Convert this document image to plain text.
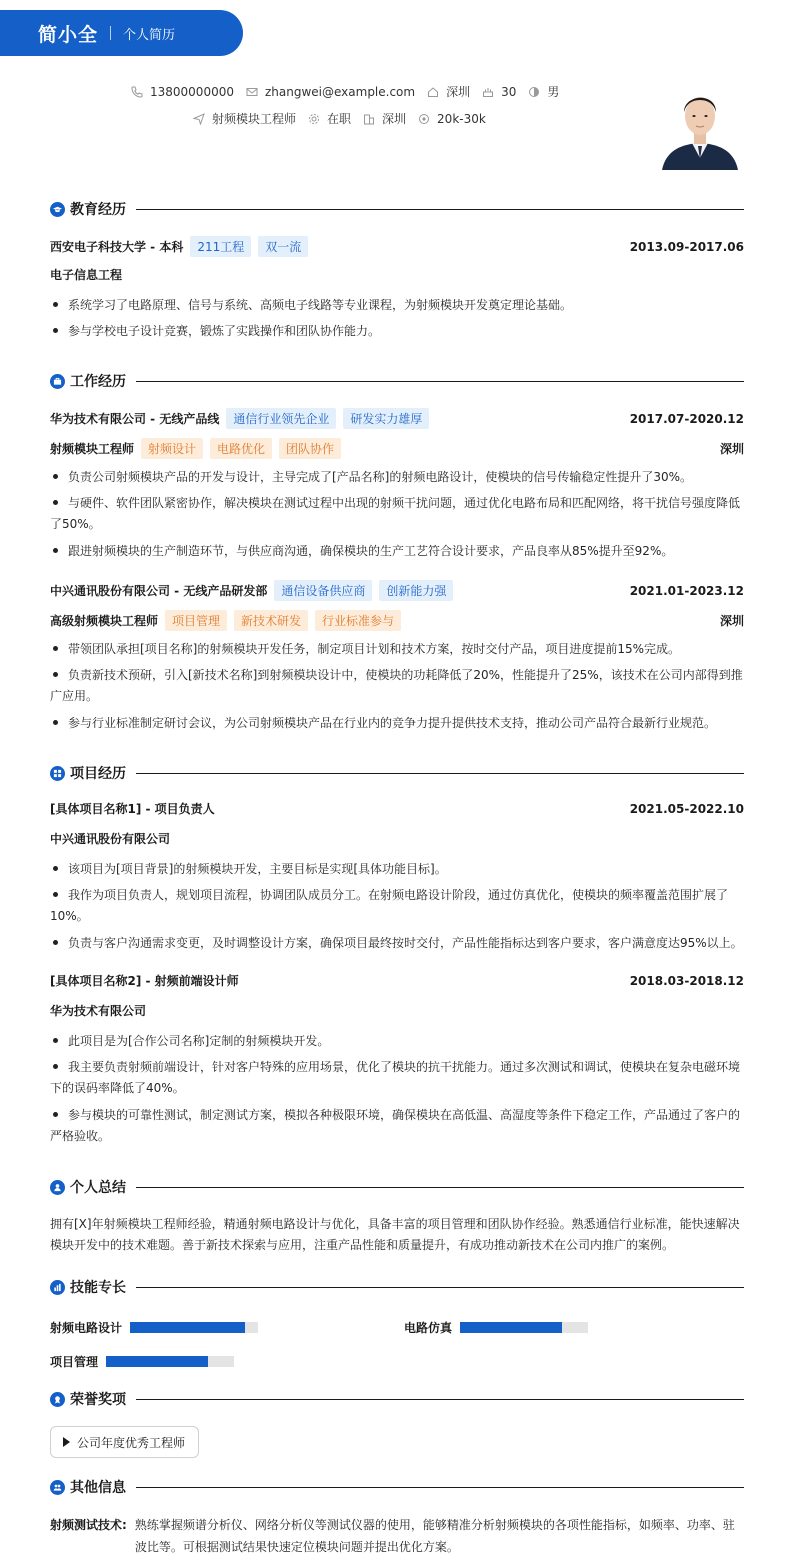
简小全 个人简历
13800000000	zhangwei@example.com	深圳	30	男
射频模块工程师	在职	深圳	20k-30k
教育经历
西安电子科技大学 - 本科	211工程	双一流	2013.09-2017.06
电子信息工程
系统学习了电路原理、信号与系统、高频电子线路等专业课程，为射频模块开发奠定理论基础。
参与学校电子设计竞赛，锻炼了实践操作和团队协作能力。
工作经历
华为技术有限公司 - 无线产品线	通信行业领先企业	研发实力雄厚	2017.07-2020.12
射频模块工程师	射频设计	电路优化	团队协作	深圳
负责公司射频模块产品的开发与设计，主导完成了[产品名称]的射频电路设计，使模块的信号传输稳定性提升了30%。
与硬件、软件团队紧密协作，解决模块在测试过程中出现的射频干扰问题，通过优化电路布局和匹配网络，将干扰信号强度降低了50%。
跟进射频模块的生产制造环节，与供应商沟通，确保模块的生产工艺符合设计要求，产品良率从85%提升至92%。
中兴通讯股份有限公司 - 无线产品研发部	通信设备供应商	创新能力强	2021.01-2023.12
高级射频模块工程师	项目管理	新技术研发	行业标准参与	深圳
带领团队承担[项目名称]的射频模块开发任务，制定项目计划和技术方案，按时交付产品，项目进度提前15%完成。
负责新技术预研，引入[新技术名称]到射频模块设计中，使模块的功耗降低了20%，性能提升了25%，该技术在公司内部得到推广应用。
参与行业标准制定研讨会议，为公司射频模块产品在行业内的竞争力提升提供技术支持，推动公司产品符合最新行业规范。
项目经历
[具体项目名称1] - 项目负责人	2021.05-2022.10
中兴通讯股份有限公司
该项目为[项目背景]的射频模块开发，主要目标是实现[具体功能目标]。
我作为项目负责人，规划项目流程，协调团队成员分工。在射频电路设计阶段，通过仿真优化，使模块的频率覆盖范围扩展了10%。
负责与客户沟通需求变更，及时调整设计方案，确保项目最终按时交付，产品性能指标达到客户要求，客户满意度达95%以上。
[具体项目名称2] - 射频前端设计师	2018.03-2018.12
华为技术有限公司
此项目是为[合作公司名称]定制的射频模块开发。
我主要负责射频前端设计，针对客户特殊的应用场景，优化了模块的抗干扰能力。通过多次测试和调试，使模块在复杂电磁环境下的误码率降低了40%。
参与模块的可靠性测试，制定测试方案，模拟各种极限环境，确保模块在高低温、高湿度等条件下稳定工作，产品通过了客户的严格验收。
个人总结
拥有[X]年射频模块工程师经验，精通射频电路设计与优化，具备丰富的项目管理和团队协作经验。熟悉通信行业标准，能快速解决模块开发中的技术难题。善于新技术探索与应用，注重产品性能和质量提升，有成功推动新技术在公司内推广的案例。
技能专长
射频电路设计	电路仿真
项目管理
荣誉奖项
公司年度优秀工程师
其他信息
射频测试技术: 熟练掌握频谱分析仪、网络分析仪等测试仪器的使用，能够精准分析射频模块的各项性能指标，如频率、功率、驻波比等。可根据测试结果快速定位模块问题并提出优化方案。
